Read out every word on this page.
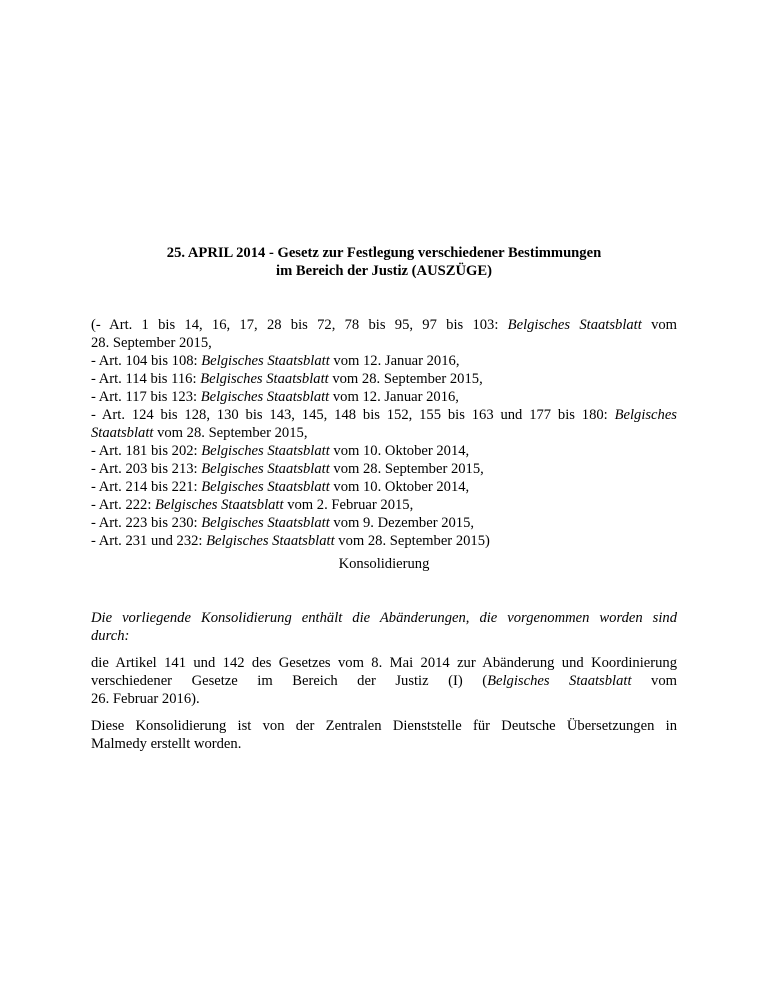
25. APRIL 2014 - Gesetz zur Festlegung verschiedener Bestimmungen
im Bereich der Justiz (AUSZÜGE)
(- Art. 1 bis 14, 16, 17, 28 bis 72, 78 bis 95, 97 bis 103: Belgisches Staatsblatt vom
28. September 2015,
- Art. 104 bis 108: Belgisches Staatsblatt vom 12. Januar 2016,
- Art. 114 bis 116: Belgisches Staatsblatt vom 28. September 2015,
- Art. 117 bis 123: Belgisches Staatsblatt vom 12. Januar 2016,
- Art. 124 bis 128, 130 bis 143, 145, 148 bis 152, 155 bis 163 und 177 bis 180: Belgisches
Staatsblatt vom 28. September 2015,
- Art. 181 bis 202: Belgisches Staatsblatt vom 10. Oktober 2014,
- Art. 203 bis 213: Belgisches Staatsblatt vom 28. September 2015,
- Art. 214 bis 221: Belgisches Staatsblatt vom 10. Oktober 2014,
- Art. 222: Belgisches Staatsblatt vom 2. Februar 2015,
- Art. 223 bis 230: Belgisches Staatsblatt vom 9. Dezember 2015,
- Art. 231 und 232: Belgisches Staatsblatt vom 28. September 2015)
Konsolidierung
Die vorliegende Konsolidierung enthält die Abänderungen, die vorgenommen worden sind
durch:
die Artikel 141 und 142 des Gesetzes vom 8. Mai 2014 zur Abänderung und Koordinierung
verschiedener Gesetze im Bereich der Justiz (I) (Belgisches Staatsblatt vom
26. Februar 2016).
Diese Konsolidierung ist von der Zentralen Dienststelle für Deutsche Übersetzungen in
Malmedy erstellt worden.
